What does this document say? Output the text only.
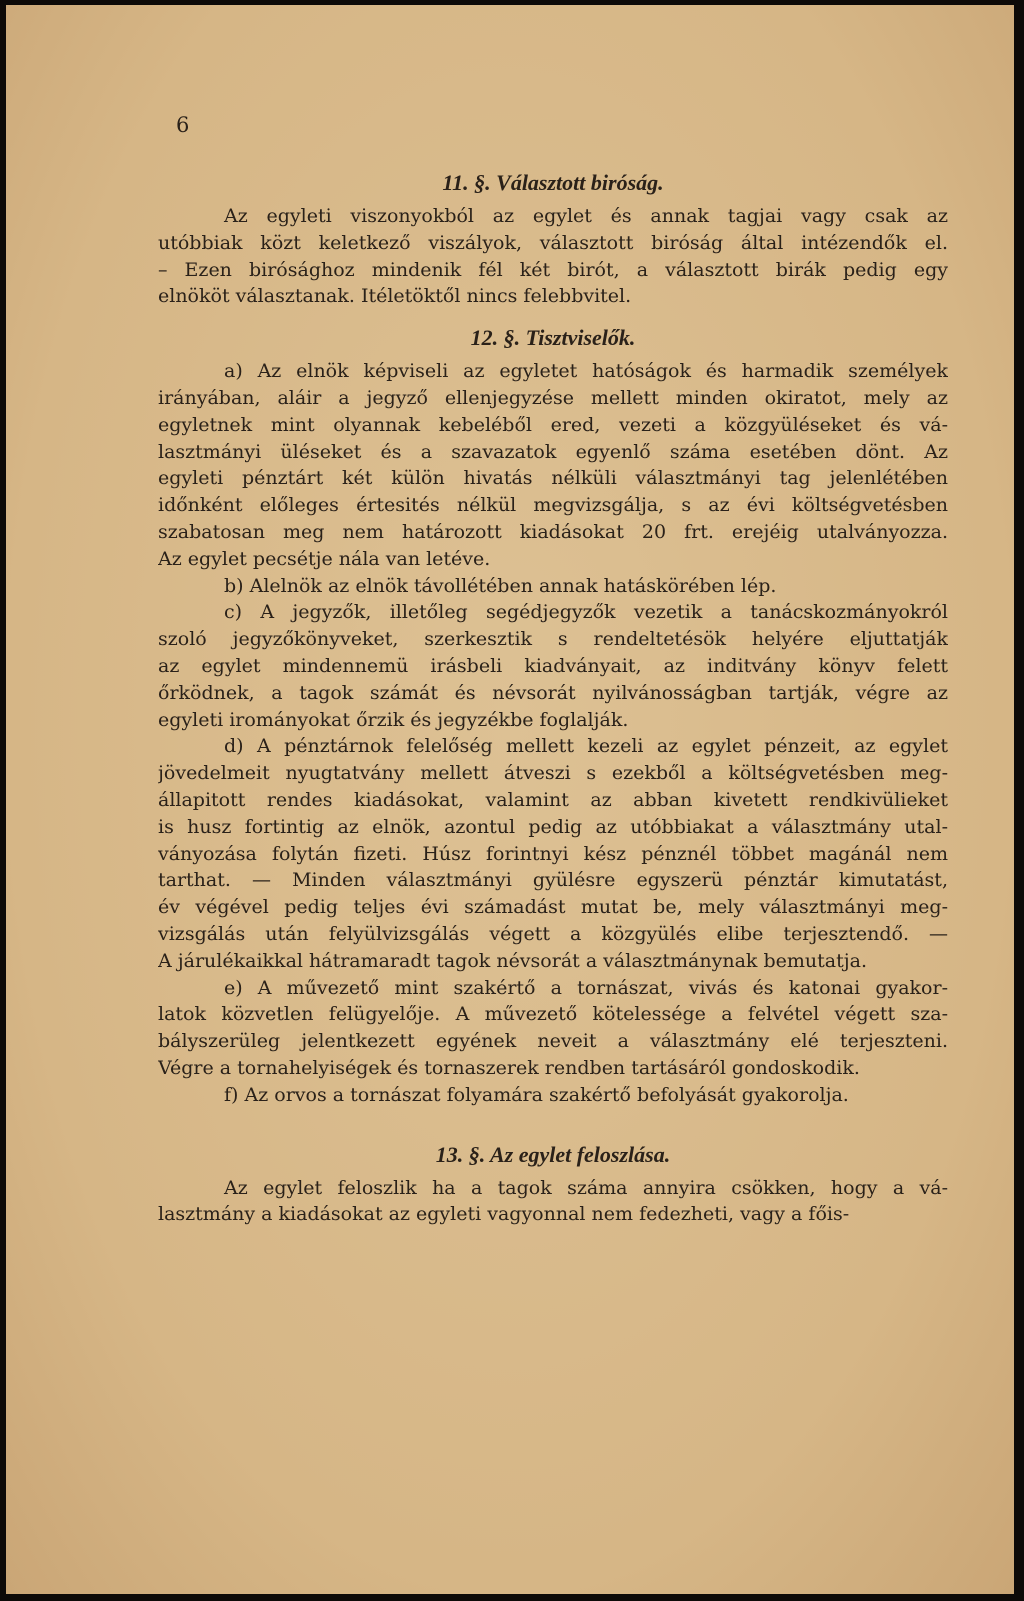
6
11. §. Választott biróság.

Az egyleti viszonyokból az egylet és annak tagjai vagy csak az
utóbbiak közt keletkező viszályok, választott biróság által intézendők el.
– Ezen birósághoz mindenik fél két birót, a választott birák pedig egy
elnököt választanak. Itéletöktől nincs felebbvitel.

12. §. Tisztviselők.

a) Az elnök képviseli az egyletet hatóságok és harmadik személyek
irányában, aláir a jegyző ellenjegyzése mellett minden okiratot, mely az
egyletnek mint olyannak kebeléből ered, vezeti a közgyüléseket és vá-
lasztmányi üléseket és a szavazatok egyenlő száma esetében dönt. Az
egyleti pénztárt két külön hivatás nélküli választmányi tag jelenlétében
időnként előleges értesités nélkül megvizsgálja, s az évi költségvetésben
szabatosan meg nem határozott kiadásokat 20 frt. erejéig utalványozza.
Az egylet pecsétje nála van letéve.

b) Alelnök az elnök távollétében annak hatáskörében lép.

c) A jegyzők, illetőleg segédjegyzők vezetik a tanácskozmányokról
szoló jegyzőkönyveket, szerkesztik s rendeltetésök helyére eljuttatják
az egylet mindennemü irásbeli kiadványait, az inditvány könyv felett
őrködnek, a tagok számát és névsorát nyilvánosságban tartják, végre az
egyleti irományokat őrzik és jegyzékbe foglalják.

d) A pénztárnok felelőség mellett kezeli az egylet pénzeit, az egylet
jövedelmeit nyugtatvány mellett átveszi s ezekből a költségvetésben meg-
állapitott rendes kiadásokat, valamint az abban kivetett rendkivülieket
is husz fortintig az elnök, azontul pedig az utóbbiakat a választmány utal-
ványozása folytán fizeti. Húsz forintnyi kész pénznél többet magánál nem
tarthat. — Minden választmányi gyülésre egyszerü pénztár kimutatást,
év végével pedig teljes évi számadást mutat be, mely választmányi meg-
vizsgálás után felyülvizsgálás végett a közgyülés elibe terjesztendő. —
A járulékaikkal hátramaradt tagok névsorát a választmánynak bemutatja.

e) A művezető mint szakértő a tornászat, vivás és katonai gyakor-
latok közvetlen felügyelője. A művezető kötelessége a felvétel végett sza-
bályszerüleg jelentkezett egyének neveit a választmány elé terjeszteni.
Végre a tornahelyiségek és tornaszerek rendben tartásáról gondoskodik.

f) Az orvos a tornászat folyamára szakértő befolyását gyakorolja.

13. §. Az egylet feloszlása.

Az egylet feloszlik ha a tagok száma annyira csökken, hogy a vá-
lasztmány a kiadásokat az egyleti vagyonnal nem fedezheti, vagy a főis-
